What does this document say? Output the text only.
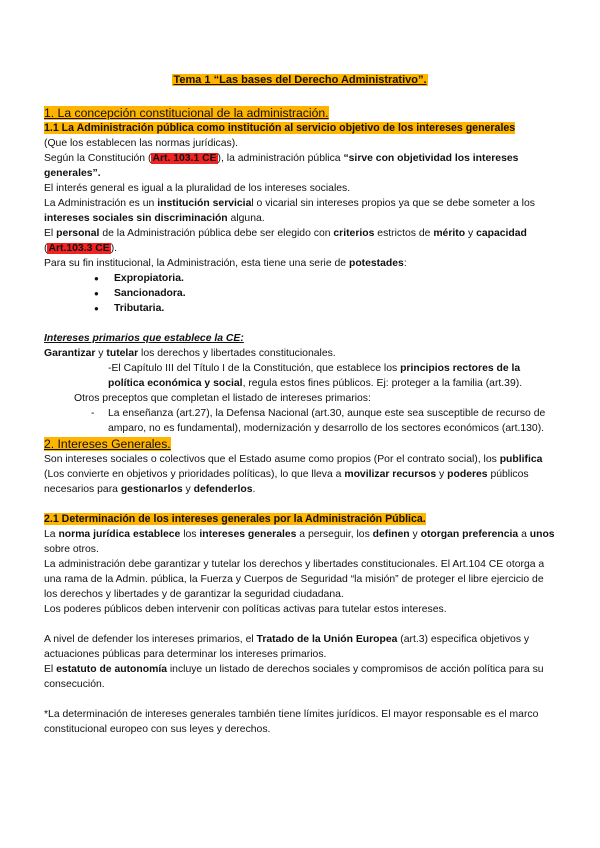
Tema 1 “Las bases del Derecho Administrativo”.
1. La concepción constitucional de la administración.
1.1 La Administración pública como institución al servicio objetivo de los intereses generales
(Que los establecen las normas jurídicas).
Según la Constitución (Art. 103.1 CE), la administración pública “sirve con objetividad los intereses generales”.
El interés general es igual a la pluralidad de los intereses sociales.
La Administración es un institución servicial o vicarial sin intereses propios ya que se debe someter a los intereses sociales sin discriminación alguna.
El personal de la Administración pública debe ser elegido con criterios estrictos de mérito y capacidad (Art.103.3 CE).
Para su fin institucional, la Administración, esta tiene una serie de potestades:
● Expropiatoria.
● Sancionadora.
● Tributaria.
Intereses primarios que establece la CE:
Garantizar y tutelar los derechos y libertades constitucionales.
-El Capítulo III del Título I de la Constitución, que establece los principios rectores de la política económica y social, regula estos fines públicos. Ej: proteger a la familia (art.39).
Otros preceptos que completan el listado de intereses primarios:
- La enseñanza (art.27), la Defensa Nacional (art.30, aunque este sea susceptible de recurso de amparo, no es fundamental), modernización y desarrollo de los sectores económicos (art.130).
2. Intereses Generales.
Son intereses sociales o colectivos que el Estado asume como propios (Por el contrato social), los publifica (Los convierte en objetivos y prioridades políticas), lo que lleva a movilizar recursos y poderes públicos necesarios para gestionarlos y defenderlos.
2.1 Determinación de los intereses generales por la Administración Pública.
La norma jurídica establece los intereses generales a perseguir, los definen y otorgan preferencia a unos sobre otros.
La administración debe garantizar y tutelar los derechos y libertades constitucionales. El Art.104 CE otorga a una rama de la Admin. pública, la Fuerza y Cuerpos de Seguridad “la misión” de proteger el libre ejercicio de los derechos y libertades y de garantizar la seguridad ciudadana.
Los poderes públicos deben intervenir con políticas activas para tutelar estos intereses.
A nivel de defender los intereses primarios, el Tratado de la Unión Europea (art.3) especifica objetivos y actuaciones públicas para determinar los intereses primarios.
El estatuto de autonomía incluye un listado de derechos sociales y compromisos de acción política para su consecución.
*La determinación de intereses generales también tiene límites jurídicos. El mayor responsable es el marco constitucional europeo con sus leyes y derechos.
